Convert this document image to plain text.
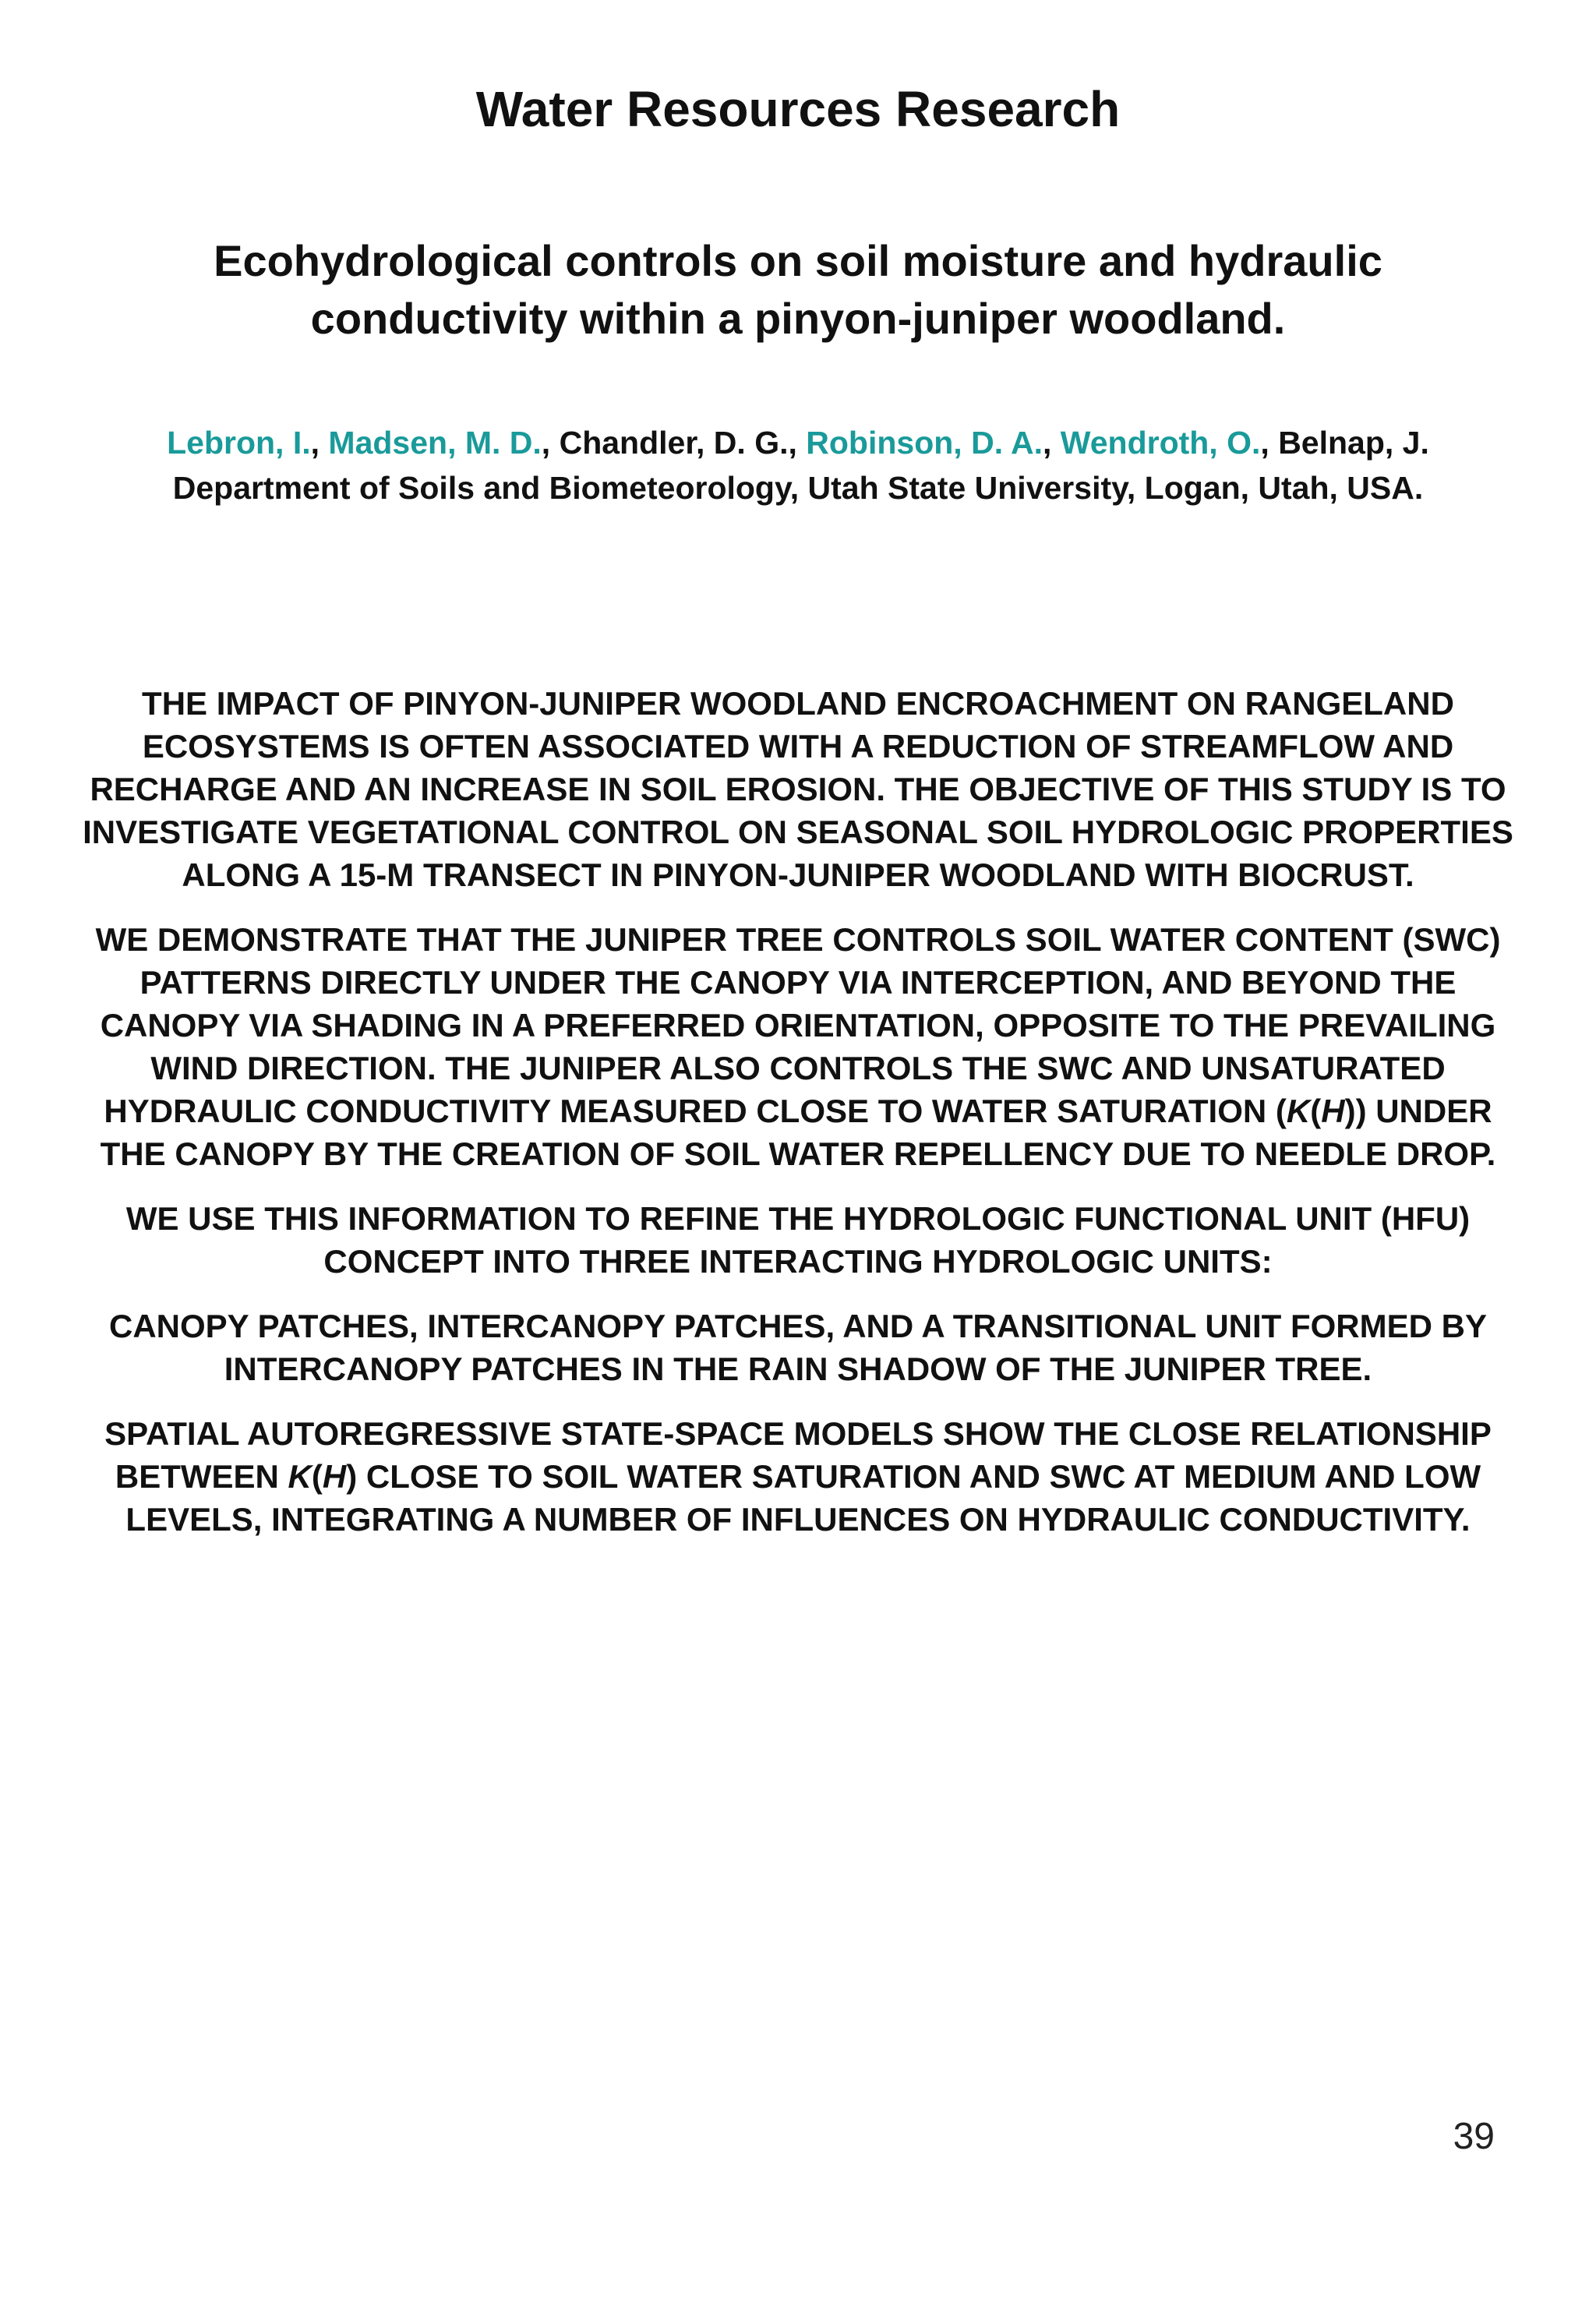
Water Resources Research
Ecohydrological controls on soil moisture and hydraulic
conductivity within a pinyon-juniper woodland.
Lebron, I., Madsen, M. D., Chandler, D. G., Robinson, D. A., Wendroth, O., Belnap, J.
Department of Soils and Biometeorology, Utah State University, Logan, Utah, USA.

THE IMPACT OF PINYON-JUNIPER WOODLAND ENCROACHMENT ON RANGELAND ECOSYSTEMS IS OFTEN ASSOCIATED WITH A REDUCTION OF STREAMFLOW AND RECHARGE AND AN INCREASE IN SOIL EROSION. THE OBJECTIVE OF THIS STUDY IS TO INVESTIGATE VEGETATIONAL CONTROL ON SEASONAL SOIL HYDROLOGIC PROPERTIES ALONG A 15-M TRANSECT IN PINYON-JUNIPER WOODLAND WITH BIOCRUST.

WE DEMONSTRATE THAT THE JUNIPER TREE CONTROLS SOIL WATER CONTENT (SWC) PATTERNS DIRECTLY UNDER THE CANOPY VIA INTERCEPTION, AND BEYOND THE CANOPY VIA SHADING IN A PREFERRED ORIENTATION, OPPOSITE TO THE PREVAILING WIND DIRECTION. THE JUNIPER ALSO CONTROLS THE SWC AND UNSATURATED HYDRAULIC CONDUCTIVITY MEASURED CLOSE TO WATER SATURATION (K(H)) UNDER THE CANOPY BY THE CREATION OF SOIL WATER REPELLENCY DUE TO NEEDLE DROP.

WE USE THIS INFORMATION TO REFINE THE HYDROLOGIC FUNCTIONAL UNIT (HFU) CONCEPT INTO THREE INTERACTING HYDROLOGIC UNITS:

CANOPY PATCHES, INTERCANOPY PATCHES, AND A TRANSITIONAL UNIT FORMED BY INTERCANOPY PATCHES IN THE RAIN SHADOW OF THE JUNIPER TREE.

SPATIAL AUTOREGRESSIVE STATE-SPACE MODELS SHOW THE CLOSE RELATIONSHIP BETWEEN K(H) CLOSE TO SOIL WATER SATURATION AND SWC AT MEDIUM AND LOW LEVELS, INTEGRATING A NUMBER OF INFLUENCES ON HYDRAULIC CONDUCTIVITY.

39
